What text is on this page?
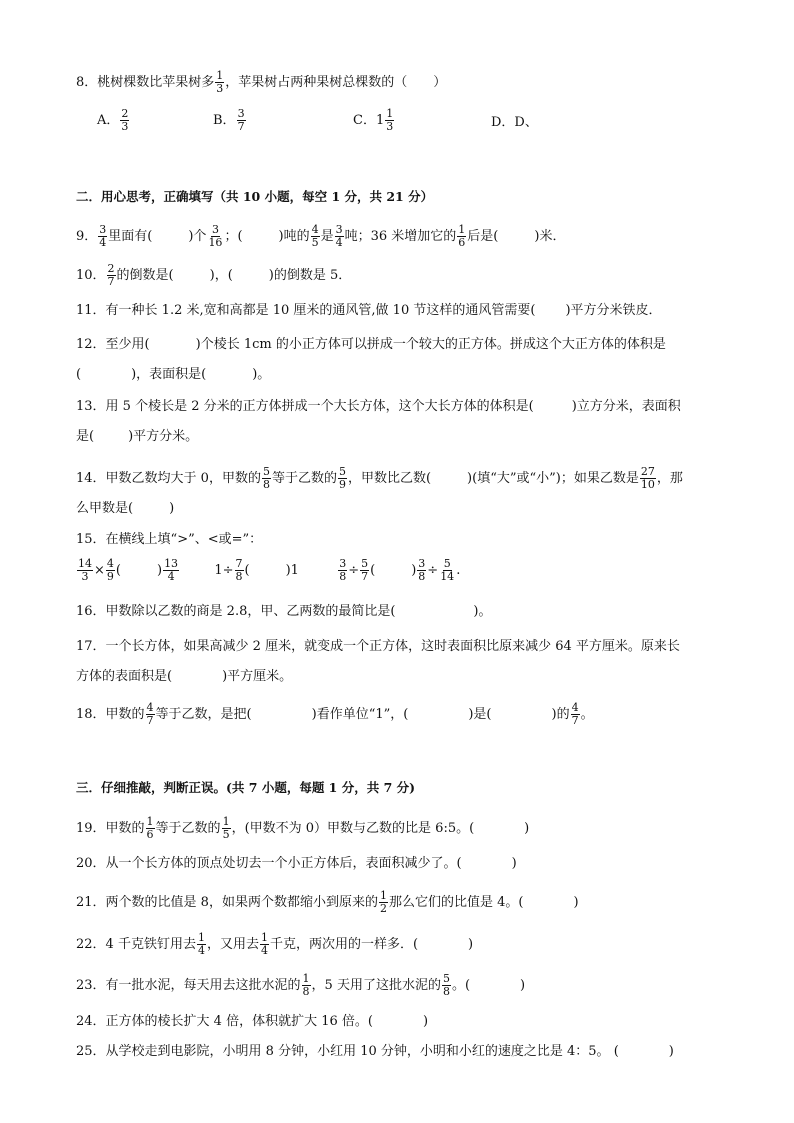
8．桃树棵数比苹果树多 $\frac{1}{3}$ ，苹果树占两种果树总棵数的（　　）
A． $\frac{2}{3}$	B． $\frac{3}{7}$	C．$1 \frac{1}{3}$	D．D、
二．用心思考，正确填写（共 10 小题，每空 1 分，共 21 分）
9． $\frac{3}{4}$ 里面有(	)个 $\frac{3}{16}$ ；(	)吨的 $\frac{4}{5}$ 是 $\frac{3}{4}$ 吨；36 米增加它的 $\frac{1}{6}$ 后是(	)米．
10． $\frac{2}{7}$ 的倒数是(	)，(	)的倒数是 5．
11．有一种长 1.2 米,宽和高都是 10 厘米的通风管,做 10 节这样的通风管需要( )平方分米铁皮．
12．至少用(	)个棱长 1cm 的小正方体可以拼成一个较大的正方体。拼成这个大正方体的体积是
(	)，表面积是(	)。
13．用 5 个棱长是 2 分米的正方体拼成一个大长方体，这个大长方体的体积是(	)立方分米，表面积
是(	)平方分米。
14．甲数乙数均大于 0，甲数的 $\frac{5}{8}$ 等于乙数的 $\frac{5}{9}$ ，甲数比乙数(	)(填“大”或“小”)；如果乙数是 $\frac{27}{10}$ ，那
么甲数是(	)
15．在横线上填“>”、<或=”：
$\frac{14}{3} \times \frac{4}{9}$ (	) $\frac{13}{4}$	$1\div \frac{7}{8}$ (	)1	$\frac{3}{8} \div \frac{5}{7}$ (	) $\frac{3}{8} \div \frac{5}{14}$ .
16．甲数除以乙数的商是 2.8，甲、乙两数的最简比是(	)。
17．一个长方体，如果高减少 2 厘米，就变成一个正方体，这时表面积比原来减少 64 平方厘米。原来长
方体的表面积是(	)平方厘米。
18．甲数的 $\frac{4}{7}$ 等于乙数，是把(	)看作单位“1”，(	)是(	)的 $\frac{4}{7}$ 。
三．仔细推敲，判断正误。(共 7 小题，每题 1 分，共 7 分)
19．甲数的 $\frac{1}{6}$ 等于乙数的 $\frac{1}{5}$ ，(甲数不为 0）甲数与乙数的比是 6:5。(	)
20．从一个长方体的顶点处切去一个小正方体后，表面积减少了。(	)
21．两个数的比值是 8，如果两个数都缩小到原来的 $\frac{1}{2}$ 那么它们的比值是 4。(	)
22．4 千克铁钉用去 $\frac{1}{4}$ ，又用去 $\frac{1}{4}$ 千克，两次用的一样多．(	)
23．有一批水泥，每天用去这批水泥的 $\frac{1}{8}$ ，5 天用了这批水泥的 $\frac{5}{8}$ 。(	)
24．正方体的棱长扩大 4 倍，体积就扩大 16 倍。(	)
25．从学校走到电影院，小明用 8 分钟，小红用 10 分钟，小明和小红的速度之比是 4：5。 (	)
